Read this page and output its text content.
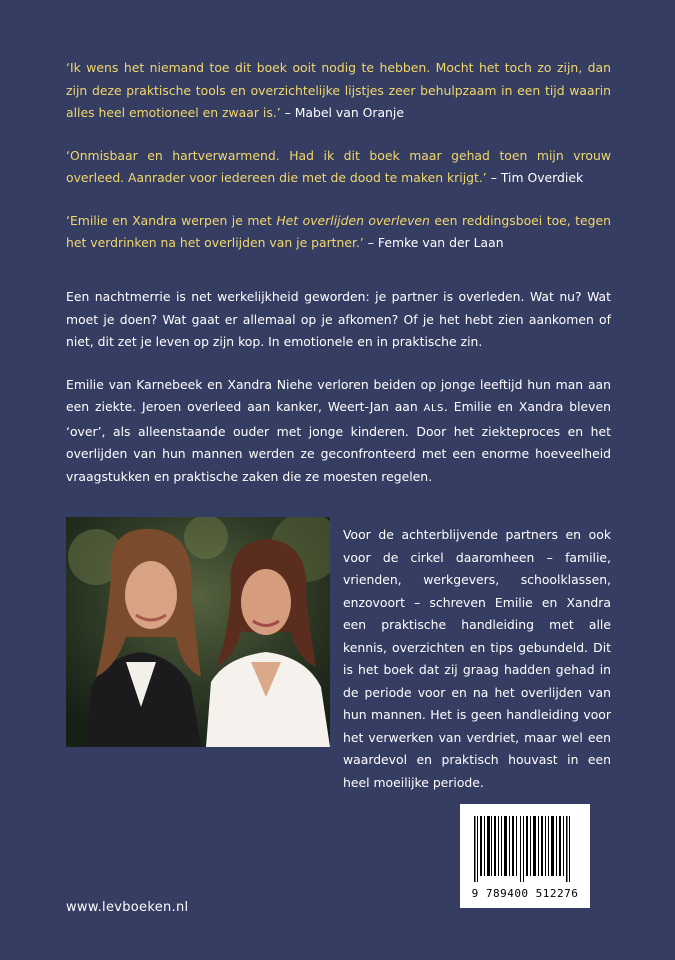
‘Ik wens het niemand toe dit boek ooit nodig te hebben. Mocht het toch zo zijn, dan zijn deze praktische tools en overzichtelijke lijstjes zeer behulpzaam in een tijd waarin alles heel emotioneel en zwaar is.’ – Mabel van Oranje

‘Onmisbaar en hartverwarmend. Had ik dit boek maar gehad toen mijn vrouw overleed. Aanrader voor iedereen die met de dood te maken krijgt.’ – Tim Overdiek

‘Emilie en Xandra werpen je met Het overlijden overleven een reddingsboei toe, tegen het verdrinken na het overlijden van je partner.’ – Femke van der Laan

Een nachtmerrie is net werkelijkheid geworden: je partner is overleden. Wat nu? Wat moet je doen? Wat gaat er allemaal op je afkomen? Of je het hebt zien aankomen of niet, dit zet je leven op zijn kop. In emotionele en in praktische zin.

Emilie van Karnebeek en Xandra Niehe verloren beiden op jonge leeftijd hun man aan een ziekte. Jeroen overleed aan kanker, Weert-Jan aan ALS. Emilie en Xandra bleven ‘over’, als alleenstaande ouder met jonge kinderen. Door het ziekteproces en het overlijden van hun mannen werden ze geconfronteerd met een enorme hoeveelheid vraagstukken en praktische zaken die ze moesten regelen.

Voor de achterblijvende partners en ook voor de cirkel daaromheen – familie, vrienden, werkgevers, schoolklassen, enzovoort – schreven Emilie en Xandra een praktische handleiding met alle kennis, overzichten en tips gebundeld. Dit is het boek dat zij graag hadden gehad in de periode voor en na het overlijden van hun mannen. Het is geen handleiding voor het verwerken van verdriet, maar wel een waardevol en praktisch houvast in een heel moeilijke periode.

9 789400 512276
www.levboeken.nl
